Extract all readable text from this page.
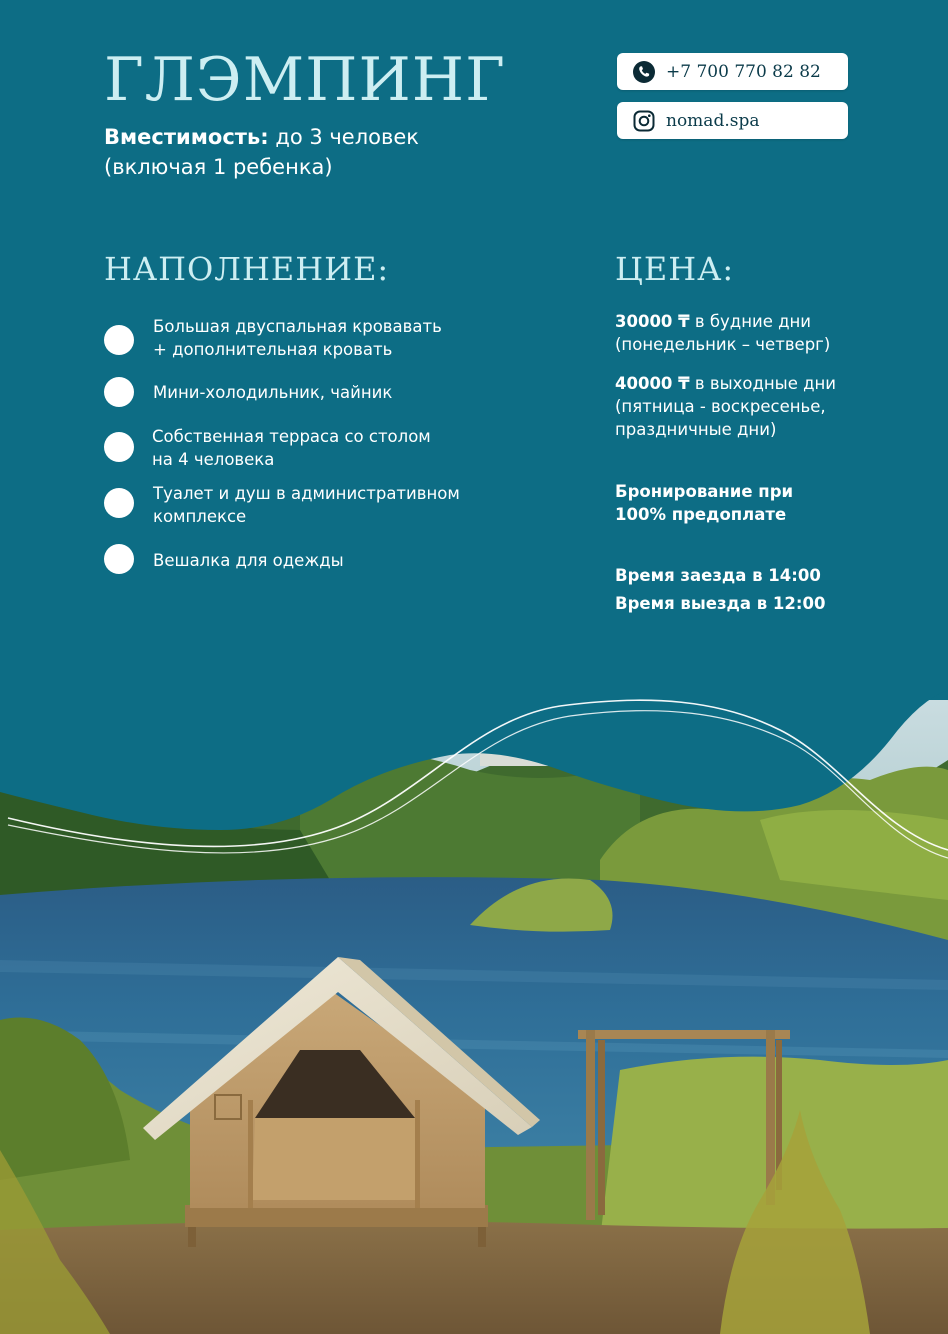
ГЛЭМПИНГ

Вместимость: до 3 человек
(включая 1 ребенка)

+7 700 770 82 82
nomad.spa
НАПОЛНЕНИЕ:
Большая двуспальная кровавать
+ дополнительная кровать
Мини-холодильник, чайник
Собственная терраса со столом
на 4 человека
Туалет и душ в административном
комплексе
Вешалка для одежды
ЦЕНА:

30000 ₸ в будние дни
(понедельник – четверг)

40000 ₸ в выходные дни
(пятница - воскресенье,
праздничные дни)

Бронирование при
100% предоплате

Время заезда в 14:00

Время выезда в 12:00
